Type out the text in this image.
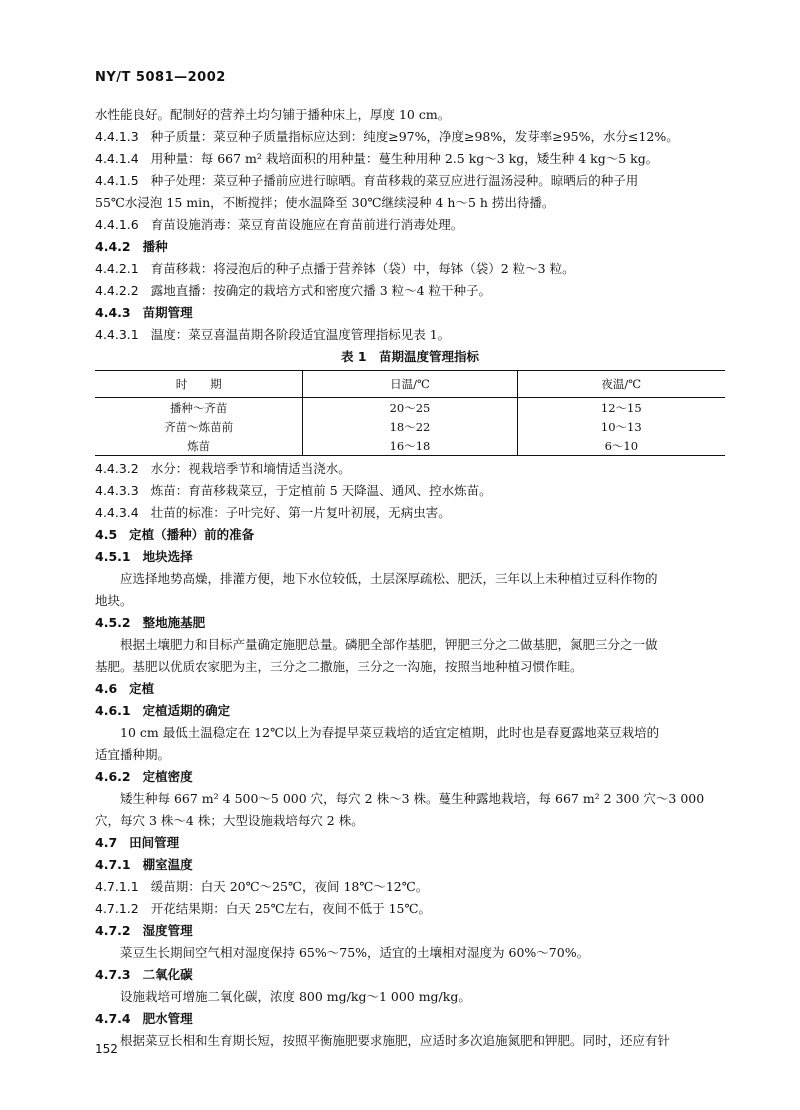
NY/T 5081—2002
水性能良好。配制好的营养土均匀铺于播种床上，厚度 10 cm。
4.4.1.3 种子质量：菜豆种子质量指标应达到：纯度≥97%，净度≥98%，发芽率≥95%，水分≤12%。
4.4.1.4 用种量：每 667 m² 栽培面积的用种量：蔓生种用种 2.5 kg～3 kg，矮生种 4 kg～5 kg。
4.4.1.5 种子处理：菜豆种子播前应进行晾晒。育苗移栽的菜豆应进行温汤浸种。晾晒后的种子用
55℃水浸泡 15 min，不断搅拌；使水温降至 30℃继续浸种 4 h～5 h 捞出待播。
4.4.1.6 育苗设施消毒：菜豆育苗设施应在育苗前进行消毒处理。
4.4.2 播种
4.4.2.1 育苗移栽：将浸泡后的种子点播于营养钵（袋）中，每钵（袋）2 粒～3 粒。
4.4.2.2 露地直播：按确定的栽培方式和密度穴播 3 粒～4 粒干种子。
4.4.3 苗期管理
4.4.3.1 温度：菜豆喜温苗期各阶段适宜温度管理指标见表 1。
表 1　苗期温度管理指标
时　　期	日温/℃	夜温/℃
播种～齐苗	20～25	12～15
齐苗～炼苗前	18～22	10～13
炼苗	16～18	6～10
4.4.3.2 水分：视栽培季节和墒情适当浇水。
4.4.3.3 炼苗：育苗移栽菜豆，于定植前 5 天降温、通风、控水炼苗。
4.4.3.4 壮苗的标准：子叶完好、第一片复叶初展，无病虫害。
4.5 定植（播种）前的准备
4.5.1 地块选择
应选择地势高燥，排灌方便，地下水位较低，土层深厚疏松、肥沃，三年以上未种植过豆科作物的
地块。
4.5.2 整地施基肥
根据土壤肥力和目标产量确定施肥总量。磷肥全部作基肥，钾肥三分之二做基肥，氮肥三分之一做
基肥。基肥以优质农家肥为主，三分之二撒施，三分之一沟施，按照当地种植习惯作畦。
4.6 定植
4.6.1 定植适期的确定
10 cm 最低土温稳定在 12℃以上为春提早菜豆栽培的适宜定植期，此时也是春夏露地菜豆栽培的
适宜播种期。
4.6.2 定植密度
矮生种每 667 m² 4 500～5 000 穴，每穴 2 株～3 株。蔓生种露地栽培，每 667 m² 2 300 穴～3 000
穴，每穴 3 株～4 株；大型设施栽培每穴 2 株。
4.7 田间管理
4.7.1 棚室温度
4.7.1.1 缓苗期：白天 20℃～25℃，夜间 18℃～12℃。
4.7.1.2 开花结果期：白天 25℃左右，夜间不低于 15℃。
4.7.2 湿度管理
菜豆生长期间空气相对湿度保持 65%～75%，适宜的土壤相对湿度为 60%～70%。
4.7.3 二氧化碳
设施栽培可增施二氧化碳，浓度 800 mg/kg～1 000 mg/kg。
4.7.4 肥水管理
根据菜豆长相和生育期长短，按照平衡施肥要求施肥，应适时多次追施氮肥和钾肥。同时，还应有针
152
